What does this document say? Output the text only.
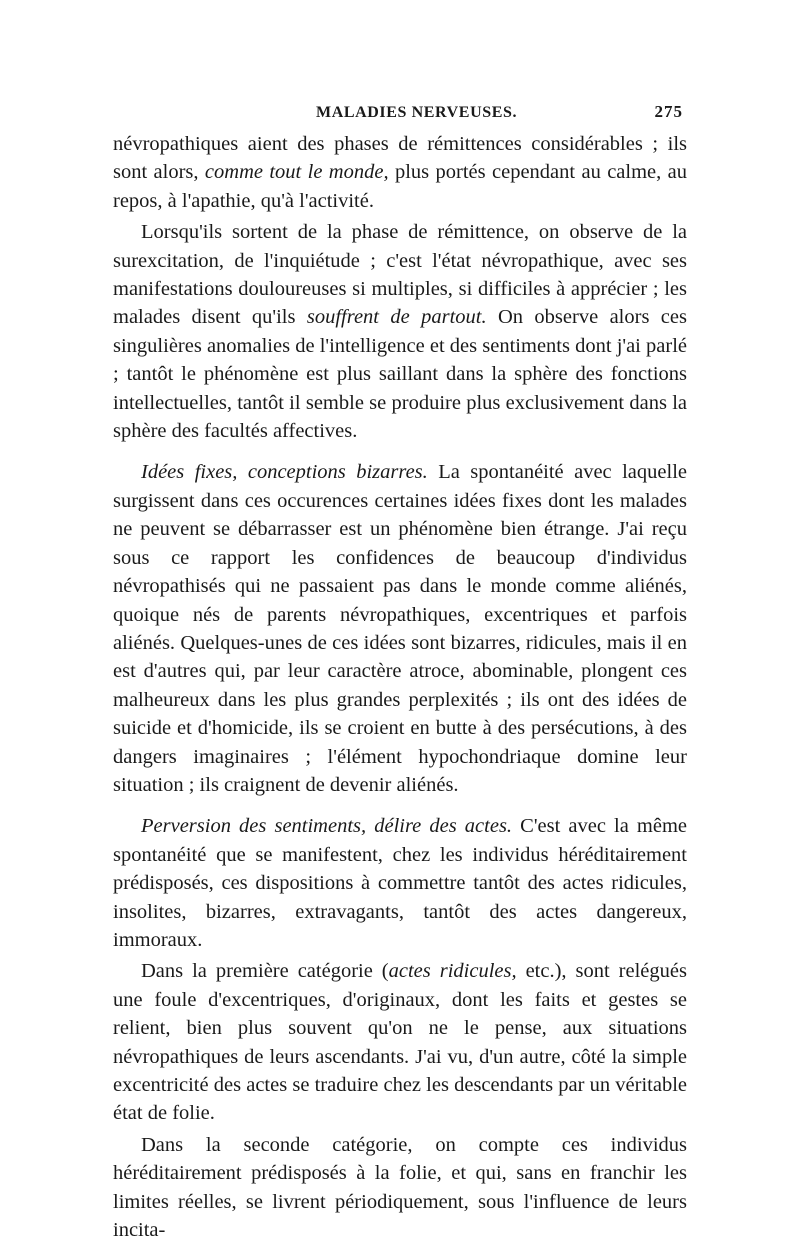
MALADIES NERVEUSES.	275

névropathiques aient des phases de rémittences considérables ; ils sont alors, comme tout le monde, plus portés cependant au calme, au repos, à l'apathie, qu'à l'activité.

Lorsqu'ils sortent de la phase de rémittence, on observe de la surexcitation, de l'inquiétude ; c'est l'état névropathique, avec ses manifestations douloureuses si multiples, si difficiles à apprécier ; les malades disent qu'ils souffrent de partout. On observe alors ces singulières anomalies de l'intelligence et des sentiments dont j'ai parlé ; tantôt le phénomène est plus saillant dans la sphère des fonctions intellectuelles, tantôt il semble se produire plus exclusivement dans la sphère des facultés affectives.

Idées fixes, conceptions bizarres. La spontanéité avec laquelle surgissent dans ces occurences certaines idées fixes dont les malades ne peuvent se débarrasser est un phénomène bien étrange. J'ai reçu sous ce rapport les confidences de beaucoup d'individus névropathisés qui ne passaient pas dans le monde comme aliénés, quoique nés de parents névropathiques, excentriques et parfois aliénés. Quelques-unes de ces idées sont bizarres, ridicules, mais il en est d'autres qui, par leur caractère atroce, abominable, plongent ces malheureux dans les plus grandes perplexités ; ils ont des idées de suicide et d'homicide, ils se croient en butte à des persécutions, à des dangers imaginaires ; l'élément hypochondriaque domine leur situation ; ils craignent de devenir aliénés.

Perversion des sentiments, délire des actes. C'est avec la même spontanéité que se manifestent, chez les individus héréditairement prédisposés, ces dispositions à commettre tantôt des actes ridicules, insolites, bizarres, extravagants, tantôt des actes dangereux, immoraux.

Dans la première catégorie (actes ridicules, etc.), sont relégués une foule d'excentriques, d'originaux, dont les faits et gestes se relient, bien plus souvent qu'on ne le pense, aux situations névropathiques de leurs ascendants. J'ai vu, d'un autre, côté la simple excentricité des actes se traduire chez les descendants par un véritable état de folie.

Dans la seconde catégorie, on compte ces individus héréditairement prédisposés à la folie, et qui, sans en franchir les limites réelles, se livrent périodiquement, sous l'influence de leurs incita-
